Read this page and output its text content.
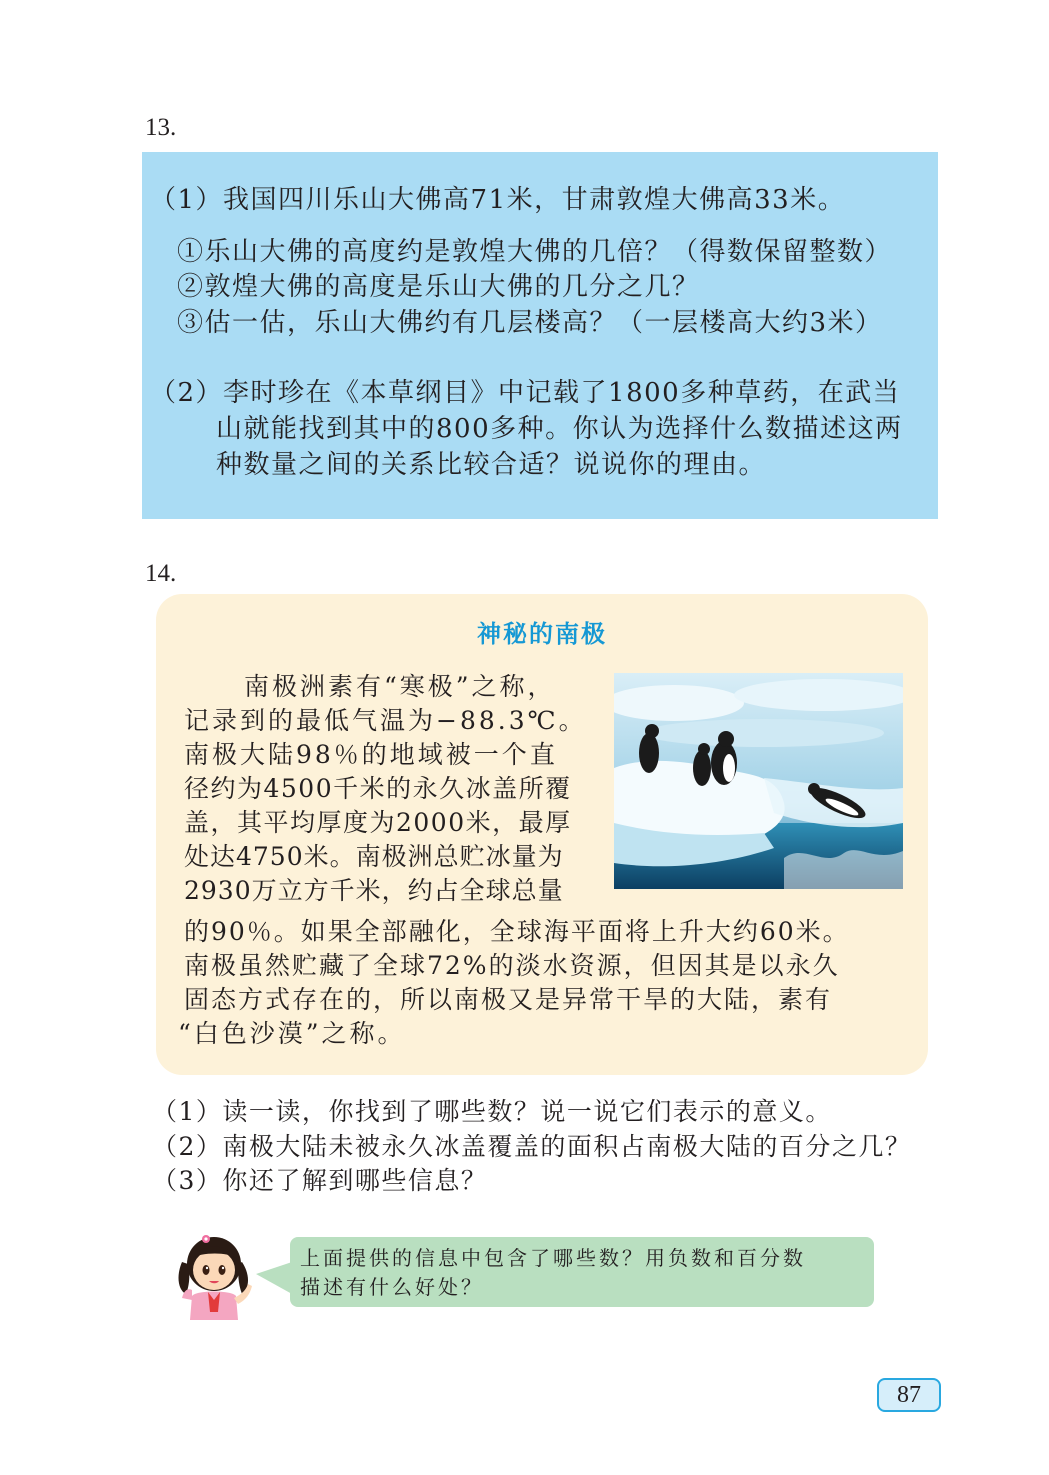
13.
（1）我国四川乐山大佛高71米，甘肃敦煌大佛高33米。
①乐山大佛的高度约是敦煌大佛的几倍？（得数保留整数）
②敦煌大佛的高度是乐山大佛的几分之几？
③估一估，乐山大佛约有几层楼高？（一层楼高大约3米）
（2）李时珍在《本草纲目》中记载了1800多种草药，在武当
山就能找到其中的800多种。你认为选择什么数描述这两
种数量之间的关系比较合适？说说你的理由。
14.
神秘的南极
南极洲素有“寒极”之称，
记录到的最低气温为−88.3℃。
南极大陆98％的地域被一个直
径约为4500千米的永久冰盖所覆
盖，其平均厚度为2000米，最厚
处达4750米。南极洲总贮冰量为
2930万立方千米，约占全球总量
的90％。如果全部融化，全球海平面将上升大约60米。
南极虽然贮藏了全球72%的淡水资源，但因其是以永久
固态方式存在的，所以南极又是异常干旱的大陆，素有
“白色沙漠”之称。
（1）读一读，你找到了哪些数？说一说它们表示的意义。
（2）南极大陆未被永久冰盖覆盖的面积占南极大陆的百分之几？
（3）你还了解到哪些信息？
上面提供的信息中包含了哪些数？用负数和百分数
描述有什么好处？
87
